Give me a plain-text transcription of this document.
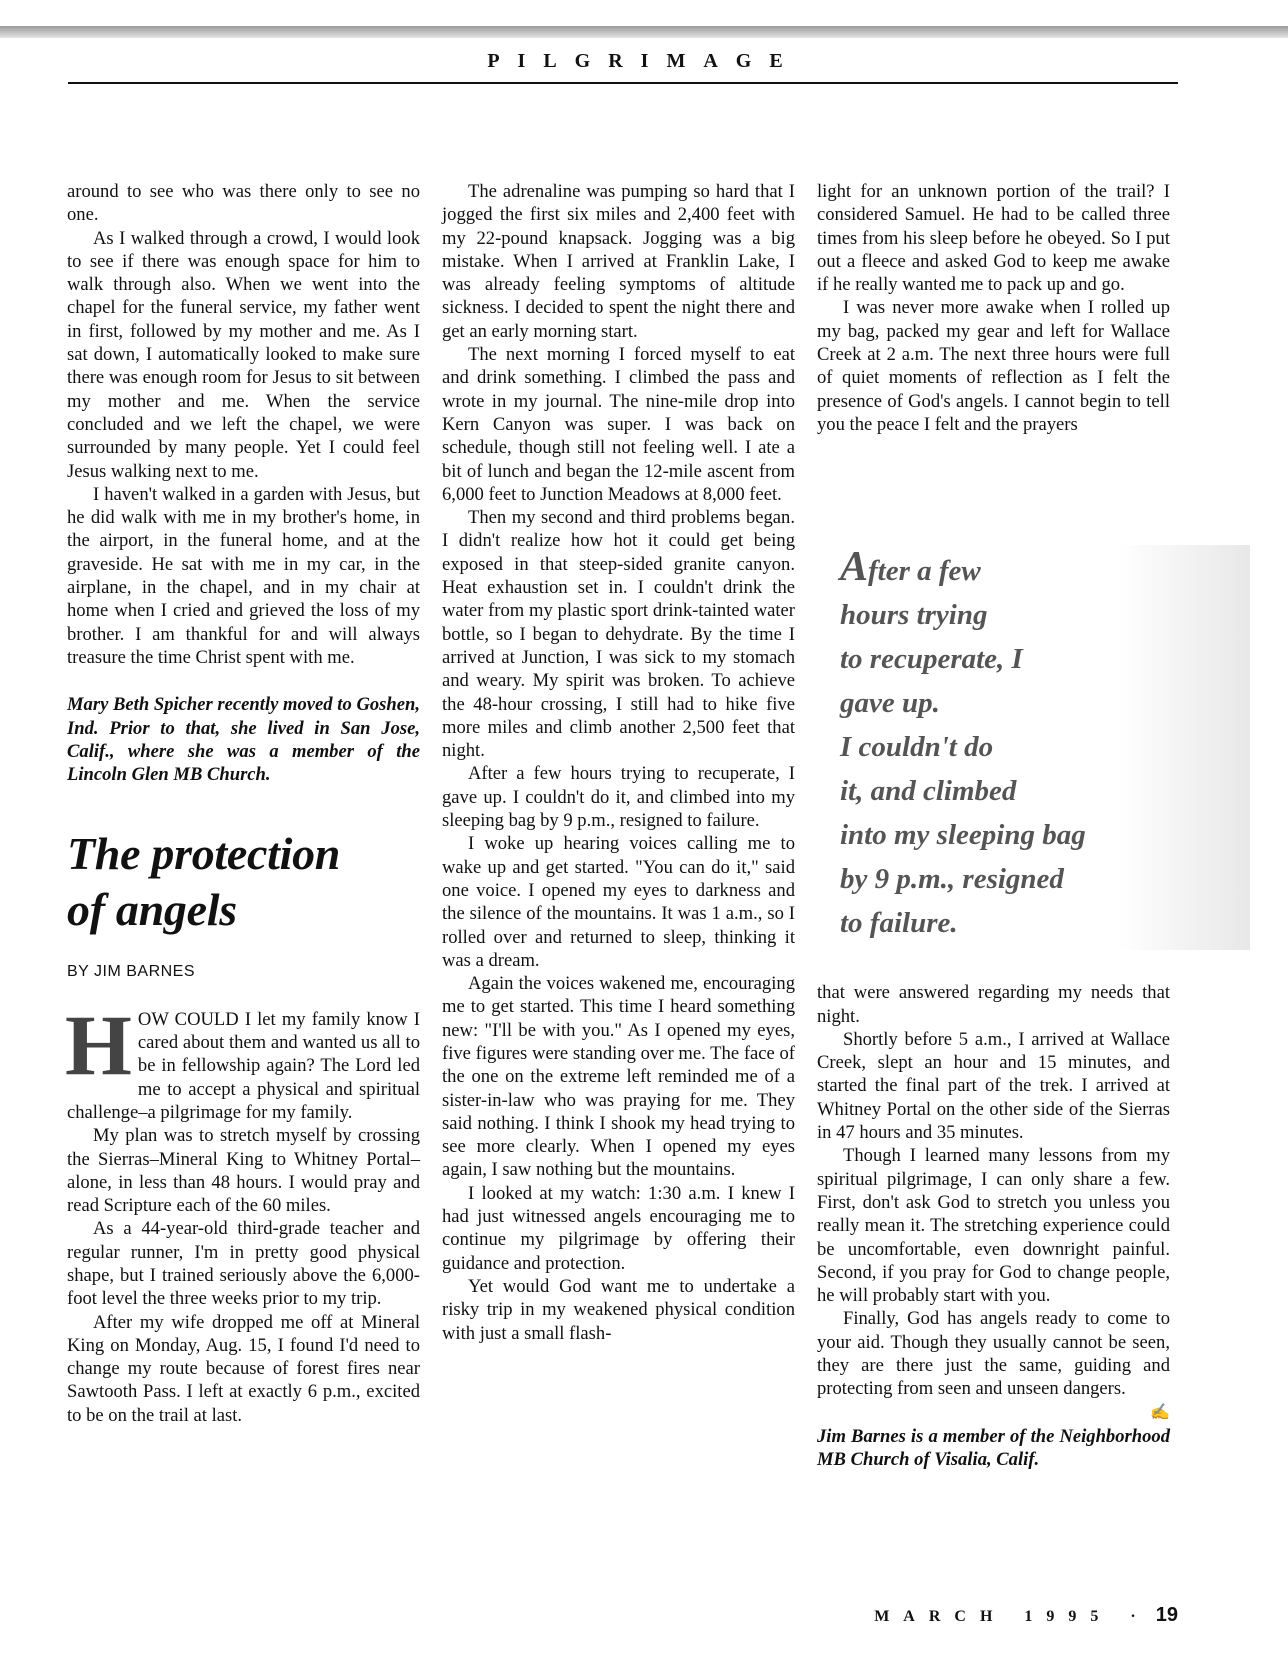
PILGRIMAGE

around to see who was there only to see no one.

As I walked through a crowd, I would look to see if there was enough space for him to walk through also. When we went into the chapel for the funeral service, my father went in first, followed by my mother and me. As I sat down, I automatically looked to make sure there was enough room for Jesus to sit between my mother and me. When the service concluded and we left the chapel, we were surrounded by many people. Yet I could feel Jesus walking next to me.

I haven't walked in a garden with Jesus, but he did walk with me in my brother's home, in the airport, in the funeral home, and at the graveside. He sat with me in my car, in the airplane, in the chapel, and in my chair at home when I cried and grieved the loss of my brother. I am thankful for and will always treasure the time Christ spent with me.

Mary Beth Spicher recently moved to Goshen, Ind. Prior to that, she lived in San Jose, Calif., where she was a member of the Lincoln Glen MB Church.

The protection
of angels
BY JIM BARNES

HOW COULD I let my family know I cared about them and wanted us all to be in fellowship again? The Lord led me to accept a physical and spiritual challenge–a pilgrimage for my family.

My plan was to stretch myself by crossing the Sierras–Mineral King to Whitney Portal–alone, in less than 48 hours. I would pray and read Scripture each of the 60 miles.

As a 44-year-old third-grade teacher and regular runner, I'm in pretty good physical shape, but I trained seriously above the 6,000-foot level the three weeks prior to my trip.

After my wife dropped me off at Mineral King on Monday, Aug. 15, I found I'd need to change my route because of forest fires near Sawtooth Pass. I left at exactly 6 p.m., excited to be on the trail at last.

The adrenaline was pumping so hard that I jogged the first six miles and 2,400 feet with my 22-pound knapsack. Jogging was a big mistake. When I arrived at Franklin Lake, I was already feeling symptoms of altitude sickness. I decided to spent the night there and get an early morning start.

The next morning I forced myself to eat and drink something. I climbed the pass and wrote in my journal. The nine-mile drop into Kern Canyon was super. I was back on schedule, though still not feeling well. I ate a bit of lunch and began the 12-mile ascent from 6,000 feet to Junction Meadows at 8,000 feet.

Then my second and third problems began. I didn't realize how hot it could get being exposed in that steep-sided granite canyon. Heat exhaustion set in. I couldn't drink the water from my plastic sport drink-tainted water bottle, so I began to dehydrate. By the time I arrived at Junction, I was sick to my stomach and weary. My spirit was broken. To achieve the 48-hour crossing, I still had to hike five more miles and climb another 2,500 feet that night.

After a few hours trying to recuperate, I gave up. I couldn't do it, and climbed into my sleeping bag by 9 p.m., resigned to failure.

I woke up hearing voices calling me to wake up and get started. "You can do it," said one voice. I opened my eyes to darkness and the silence of the mountains. It was 1 a.m., so I rolled over and returned to sleep, thinking it was a dream.

Again the voices wakened me, encouraging me to get started. This time I heard something new: "I'll be with you." As I opened my eyes, five figures were standing over me. The face of the one on the extreme left reminded me of a sister-in-law who was praying for me. They said nothing. I think I shook my head trying to see more clearly. When I opened my eyes again, I saw nothing but the mountains.

I looked at my watch: 1:30 a.m. I knew I had just witnessed angels encouraging me to continue my pilgrimage by offering their guidance and protection.

Yet would God want me to undertake a risky trip in my weakened physical condition with just a small flash-

light for an unknown portion of the trail? I considered Samuel. He had to be called three times from his sleep before he obeyed. So I put out a fleece and asked God to keep me awake if he really wanted me to pack up and go.

I was never more awake when I rolled up my bag, packed my gear and left for Wallace Creek at 2 a.m. The next three hours were full of quiet moments of reflection as I felt the presence of God's angels. I cannot begin to tell you the peace I felt and the prayers

that were answered regarding my needs that night.

Shortly before 5 a.m., I arrived at Wallace Creek, slept an hour and 15 minutes, and started the final part of the trek. I arrived at Whitney Portal on the other side of the Sierras in 47 hours and 35 minutes.

Though I learned many lessons from my spiritual pilgrimage, I can only share a few. First, don't ask God to stretch you unless you really mean it. The stretching experience could be uncomfortable, even downright painful. Second, if you pray for God to change people, he will probably start with you.

Finally, God has angels ready to come to your aid. Though they usually cannot be seen, they are there just the same, guiding and protecting from seen and unseen dangers.
✍

Jim Barnes is a member of the Neighborhood MB Church of Visalia, Calif.

After a few
hours trying
to recuperate, I
gave up.
I couldn't do
it, and climbed
into my sleeping bag
by 9 p.m., resigned
to failure.
MARCH 1995 · 19
